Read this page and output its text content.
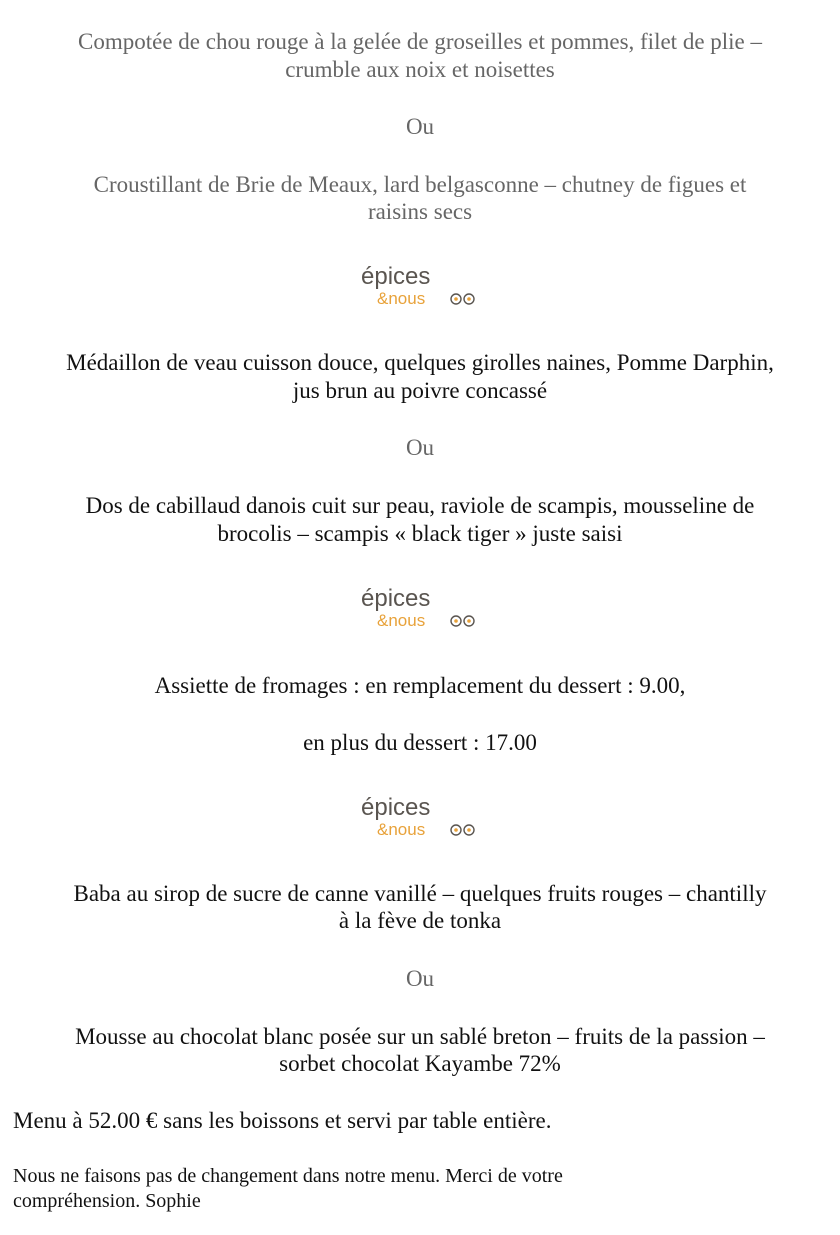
Compotée de chou rouge à la gelée de groseilles et pommes, filet de plie –

crumble aux noix et noisettes

Ou

Croustillant de Brie de Meaux, lard belgasconne – chutney de figues et

raisins secs

épices
&nous

Médaillon de veau cuisson douce, quelques girolles naines, Pomme Darphin,

jus brun au poivre concassé

Ou

Dos de cabillaud danois cuit sur peau, raviole de scampis, mousseline de

brocolis – scampis « black tiger » juste saisi

épices
&nous

Assiette de fromages : en remplacement du dessert : 9.00,

en plus du dessert : 17.00

épices
&nous

Baba au sirop de sucre de canne vanillé – quelques fruits rouges – chantilly

à la fève de tonka

Ou

Mousse au chocolat blanc posée sur un sablé breton – fruits de la passion –

sorbet chocolat Kayambe 72%

Menu à 52.00 € sans les boissons et servi par table entière.

Nous ne faisons pas de changement dans notre menu. Merci de votre

compréhension. Sophie
